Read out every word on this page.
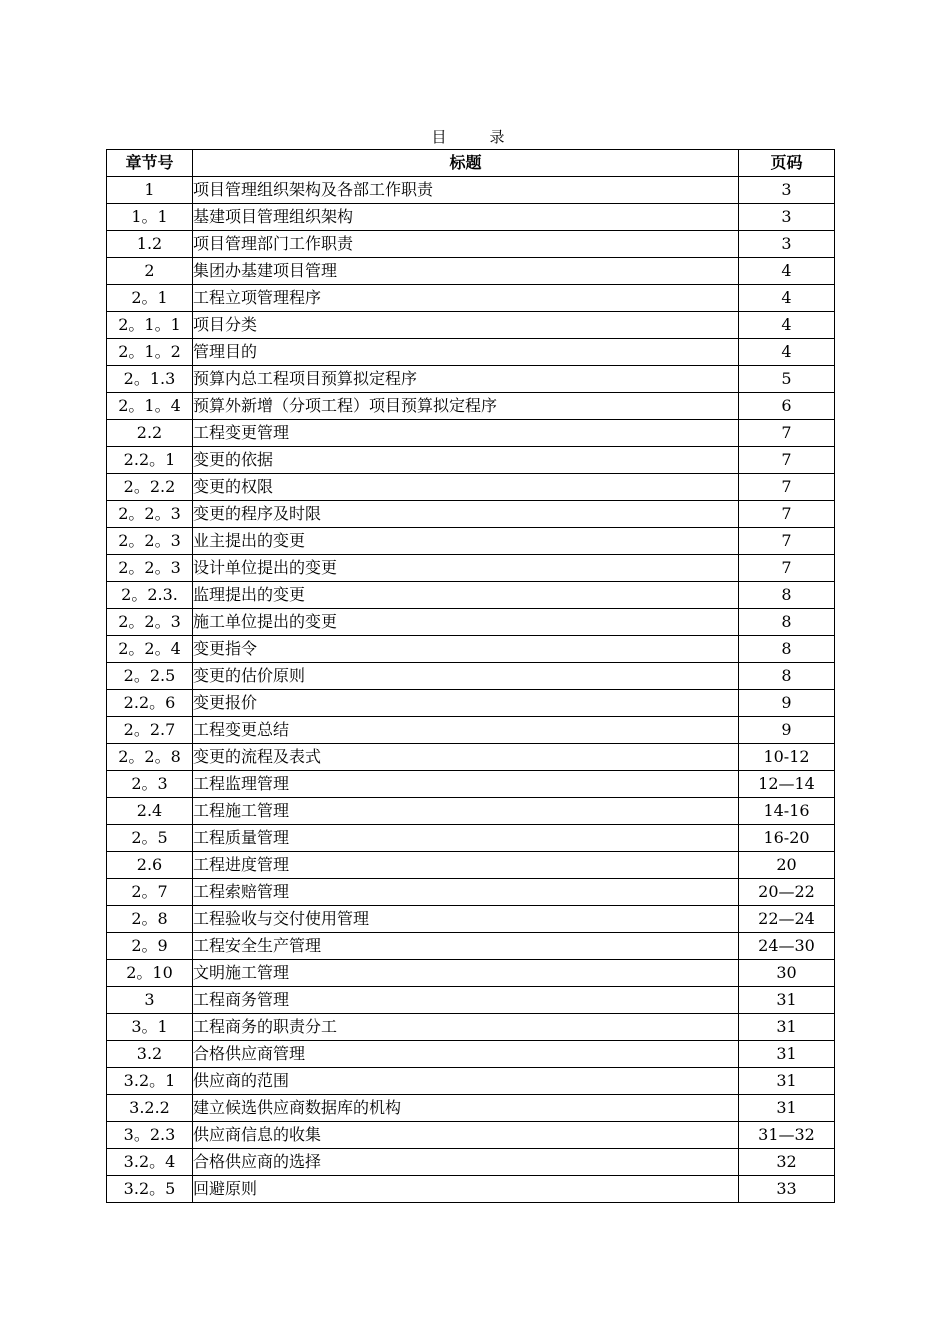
目　录
章节号	标题	页码
1	项目管理组织架构及各部工作职责	3
1。1	基建项目管理组织架构	3
1.2	项目管理部门工作职责	3
2	集团办基建项目管理	4
2。1	工程立项管理程序	4
2。1。1	项目分类	4
2。1。2	管理目的	4
2。1.3	预算内总工程项目预算拟定程序	5
2。1。4	预算外新增（分项工程）项目预算拟定程序	6
2.2	工程变更管理	7
2.2。1	变更的依据	7
2。2.2	变更的权限	7
2。2。3	变更的程序及时限	7
2。2。3	业主提出的变更	7
2。2。3	设计单位提出的变更	7
2。2.3.	监理提出的变更	8
2。2。3	施工单位提出的变更	8
2。2。4	变更指令	8
2。2.5	变更的估价原则	8
2.2。6	变更报价	9
2。2.7	工程变更总结	9
2。2。8	变更的流程及表式	10-12
2。3	工程监理管理	12—14
2.4	工程施工管理	14-16
2。5	工程质量管理	16-20
2.6	工程进度管理	20
2。7	工程索赔管理	20—22
2。8	工程验收与交付使用管理	22—24
2。9	工程安全生产管理	24—30
2。10	文明施工管理	30
3	工程商务管理	31
3。1	工程商务的职责分工	31
3.2	合格供应商管理	31
3.2。1	供应商的范围	31
3.2.2	建立候选供应商数据库的机构	31
3。2.3	供应商信息的收集	31—32
3.2。4	合格供应商的选择	32
3.2。5	回避原则	33
